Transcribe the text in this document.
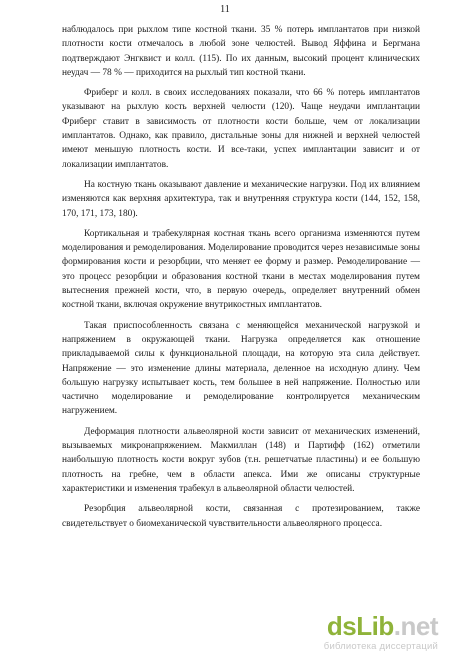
11

наблюдалось при рыхлом типе костной ткани. 35 % потерь имплантатов при низкой плотности кости отмечалось в любой зоне челюстей. Вывод Яффина и Бергмана подтверждают Энгквист и колл. (115). По их данным, высокий процент клинических неудач — 78 % — приходится на рыхлый тип костной ткани.

Фриберг и колл. в своих исследованиях показали, что 66 % потерь имплантатов указывают на рыхлую кость верхней челюсти (120). Чаще неудачи имплантации Фриберг ставит в зависимость от плотности кости больше, чем от локализации имплантатов. Однако, как правило, дистальные зоны для нижней и верхней челюстей имеют меньшую плотность кости. И все-таки, успех имплантации зависит и от локализации имплантатов.

На костную ткань оказывают давление и механические нагрузки. Под их влиянием изменяются как верхняя архитектура, так и внутренняя структура кости (144, 152, 158, 170, 171, 173, 180).

Кортикальная и трабекулярная костная ткань всего организма изменяются путем моделирования и ремоделирования. Моделирование проводится через независимые зоны формирования кости и резорбции, что меняет ее форму и размер. Ремоделирование — это процесс резорбции и образования костной ткани в местах моделирования путем вытеснения прежней кости, что, в первую очередь, определяет внутренний обмен костной ткани, включая окружение внутрикостных имплантатов.

Такая приспособленность связана с меняющейся механической нагрузкой и напряжением в окружающей ткани. Нагрузка определяется как отношение прикладываемой силы к функциональной площади, на которую эта сила действует. Напряжение — это изменение длины материала, деленное на исходную длину. Чем большую нагрузку испытывает кость, тем большее в ней напряжение. Полностью или частично моделирование и ремоделирование контролируется механическим нагружением.

Деформация плотности альвеолярной кости зависит от механических изменений, вызываемых микронапряжением. Макмиллан (148) и Партифф (162) отметили наибольшую плотность кости вокруг зубов (т.н. решетчатые пластины) и ее большую плотность на гребне, чем в области апекса. Ими же описаны структурные характеристики и изменения трабекул в альвеолярной области челюстей.

Резорбция альвеолярной кости, связанная с протезированием, также свидетельствует о биомеханической чувствительности альвеолярного процесса.

dsLib.net
библиотека диссертаций
